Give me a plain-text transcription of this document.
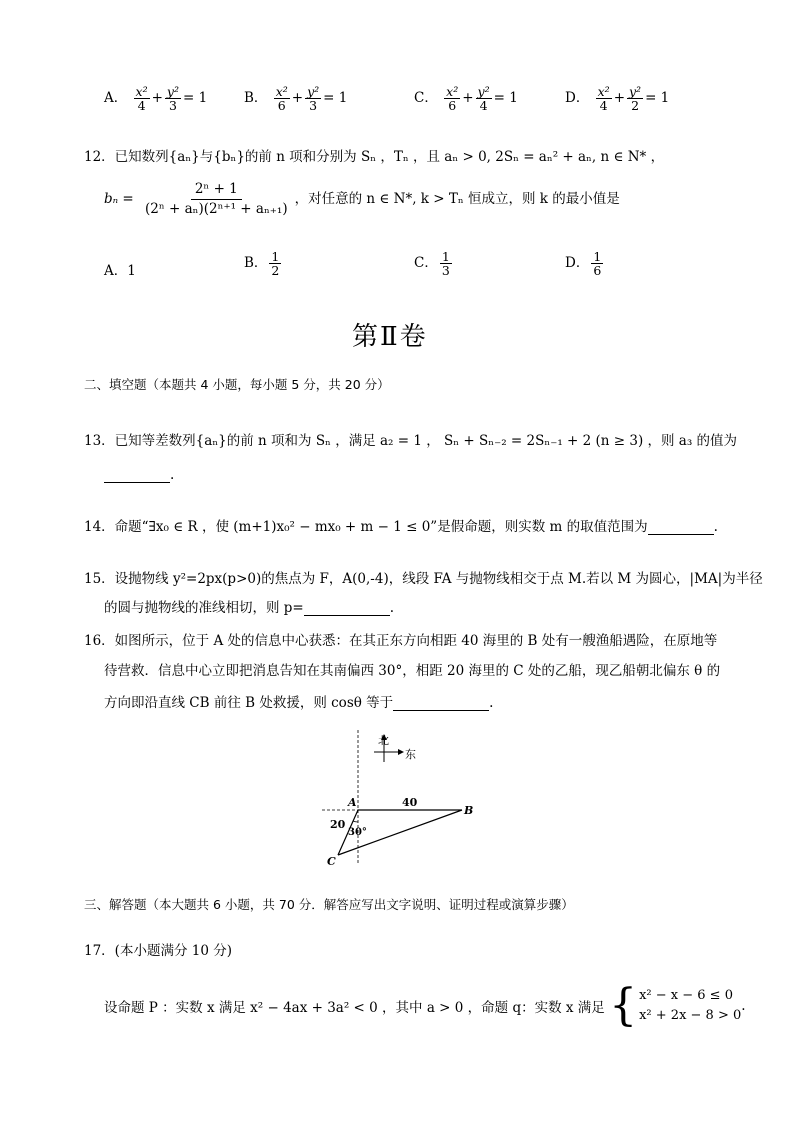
A． $\frac{\text{x²}}{4} + \frac{\text{y²}}{3} = 1$	B． $\frac{\text{x²}}{6} + \frac{\text{y²}}{3} = 1$	C． $\frac{\text{x²}}{6} + \frac{\text{y²}}{4} = 1$	D． $\frac{\text{x²}}{4} + \frac{\text{y²}}{2} = 1$
12．已知数列{aₙ}与{bₙ}的前 n 项和分别为 Sₙ ，Tₙ ，且 aₙ > 0, 2Sₙ = aₙ² + aₙ, n ∈ N* ，
$b_n = \frac{\text{2ⁿ + 1}}{\text{(2ⁿ + aₙ)(2ⁿ⁺¹ + aₙ₊₁)}}$ ，对任意的 n ∈ N*, k > Tₙ 恒成立，则 k 的最小值是
A．1	B． $\frac{1}{2}$	C． $\frac{1}{3}$	D． $\frac{1}{6}$
第Ⅱ卷
二、填空题（本题共 4 小题，每小题 5 分，共 20 分）
13．已知等差数列{aₙ}的前 n 项和为 Sₙ ，满足 a₂ = 1 ， Sₙ + Sₙ₋₂ = 2Sₙ₋₁ + 2 (n ≥ 3) ，则 a₃ 的值为
.
14．命题“∃x₀ ∈ R ，使 (m+1)x₀² − mx₀ + m − 1 ≤ 0”是假命题，则实数 m 的取值范围为	.
15．设抛物线 y²=2px(p>0)的焦点为 F，A(0,-4)，线段 FA 与抛物线相交于点 M.若以 M 为圆心，|MA|为半径
的圆与抛物线的准线相切，则 p=	.
16．如图所示，位于 A 处的信息中心获悉：在其正东方向相距 40 海里的 B 处有一艘渔船遇险，在原地等
待营救．信息中心立即把消息告知在其南偏西 30°，相距 20 海里的 C 处的乙船，现乙船朝北偏东 θ 的
方向即沿直线 CB 前往 B 处救援，则 cosθ 等于	.
北
东
A
B
C
40
20
30°
三、解答题（本大题共 6 小题，共 70 分．解答应写出文字说明、证明过程或演算步骤）
17．(本小题满分 10 分)
设命题 P ：实数 x 满足 x² − 4ax + 3a² < 0 ，其中 a > 0 ，命题 q：实数 x 满足 { x² − x − 6 ≤ 0
x² + 2x − 8 > 0
.
